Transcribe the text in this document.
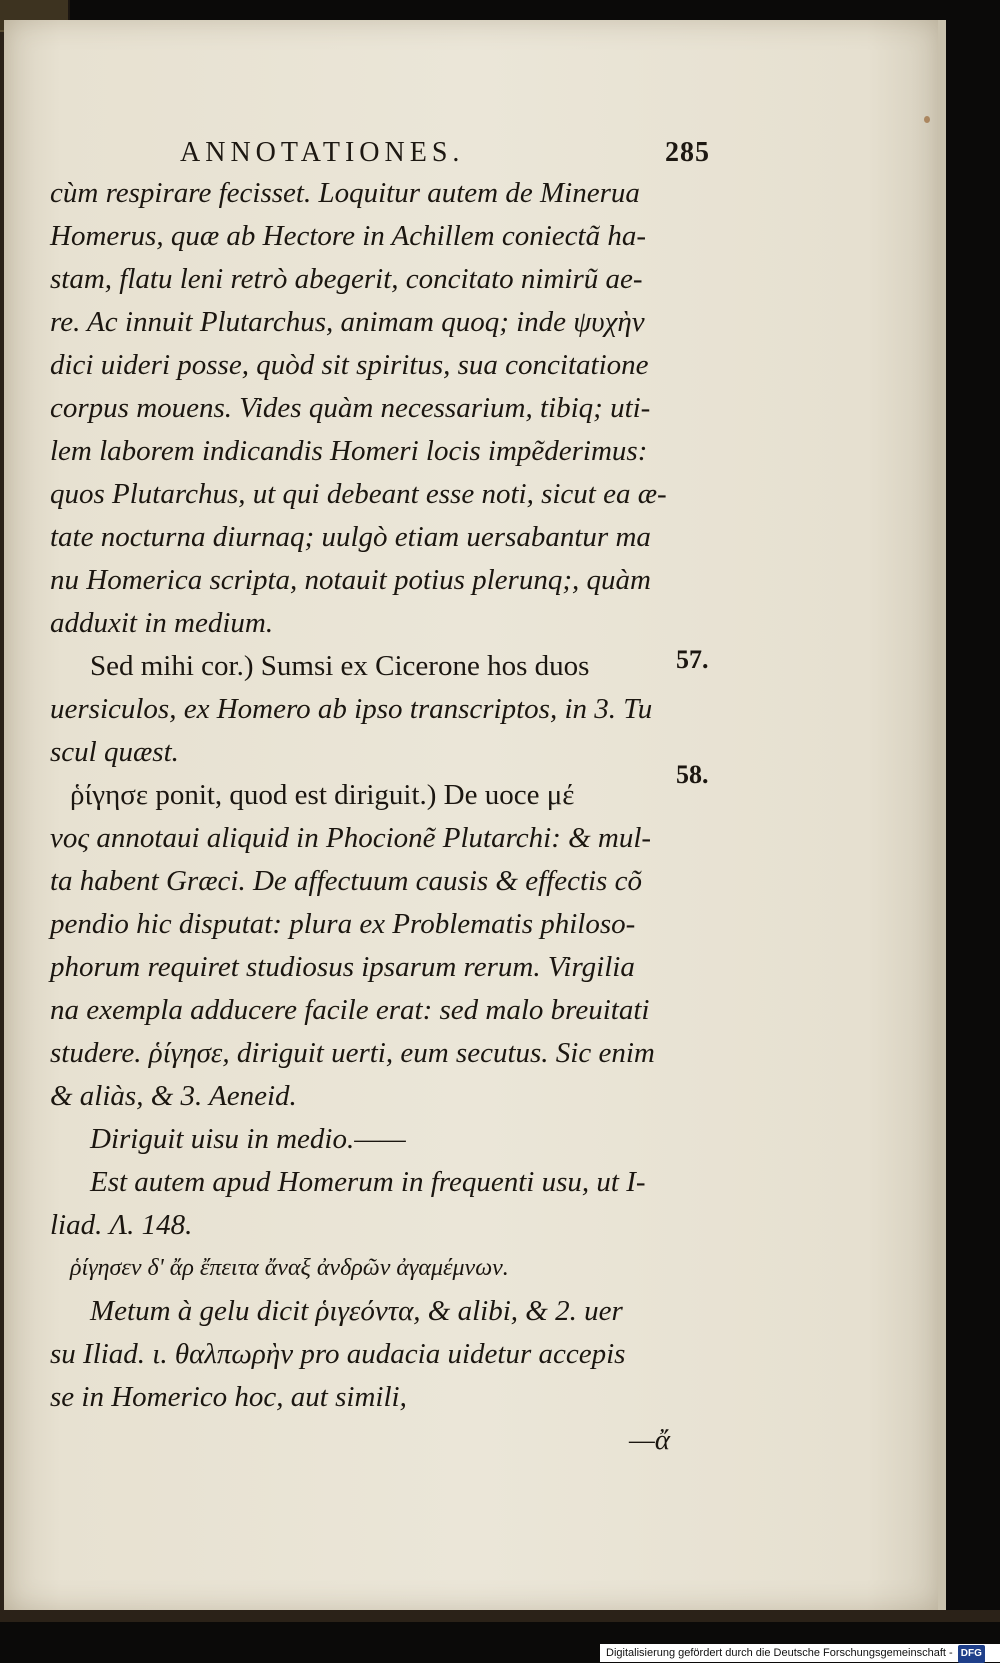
ANNOTATIONES.	285
cùm respirare fecisset. Loquitur autem de Minerua
Homerus, quæ ab Hectore in Achillem coniectã ha-
stam, flatu leni retrò abegerit, concitato nimirũ ae-
re. Ac innuit Plutarchus, animam quoq; inde ψυχὴν
dici uideri posse, quòd sit spiritus, sua concitatione
corpus mouens. Vides quàm necessarium, tibiq; uti-
lem laborem indicandis Homeri locis impẽderimus:
quos Plutarchus, ut qui debeant esse noti, sicut ea æ-
tate nocturna diurnaq; uulgò etiam uersabantur ma
nu Homerica scripta, notauit potius plerunq;, quàm
adduxit in medium.
Sed mihi cor.) Sumsi ex Cicerone hos duos
uersiculos, ex Homero ab ipso transcriptos, in 3. Tu
scul quæst.
ῥίγησε ponit, quod est diriguit.) De uoce μέ
νος annotaui aliquid in Phocionẽ Plutarchi: & mul-
ta habent Græci. De affectuum causis & effectis cõ
pendio hic disputat: plura ex Problematis philoso-
phorum requiret studiosus ipsarum rerum. Virgilia
na exempla adducere facile erat: sed malo breuitati
studere. ῥίγησε, diriguit uerti, eum secutus. Sic enim
& aliàs, & 3. Aeneid.
Diriguit uisu in medio.——
Est autem apud Homerum in frequenti usu, ut I-
liad. Λ. 148.
ῥίγησεν δ' ἄρ ἔπειτα ἄναξ ἀνδρῶν ἀγαμέμνων.
Metum à gelu dicit ῥιγεόντα, & alibi, & 2. uer
su Iliad. ι. θαλπωρὴν pro audacia uidetur accepis
se in Homerico hoc, aut simili,
—ἄ
57.
58.
Digitalisierung gefördert durch die Deutsche Forschungsgemeinschaft - DFG
